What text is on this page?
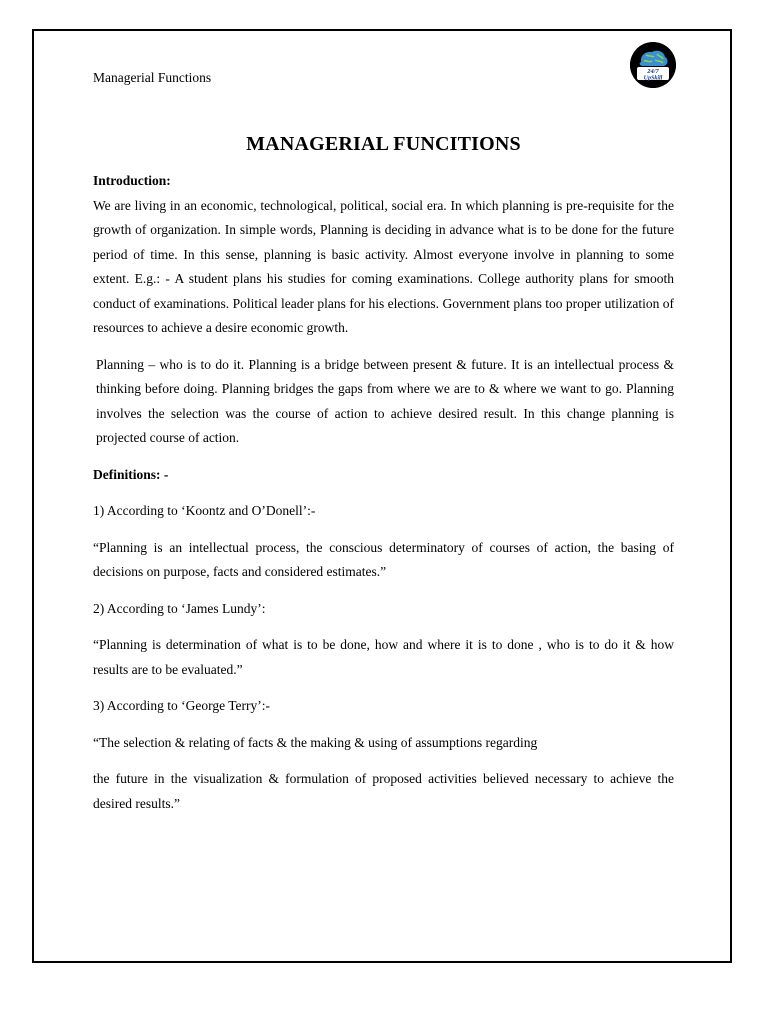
Managerial Functions	24/7
UpSkill
MANAGERIAL FUNCITIONS

Introduction:

We are living in an economic, technological, political, social era. In which planning is pre-requisite for the growth of organization. In simple words, Planning is deciding in advance what is to be done for the future period of time. In this sense, planning is basic activity. Almost everyone involve in planning to some extent. E.g.: - A student plans his studies for coming examinations. College authority plans for smooth conduct of examinations. Political leader plans for his elections. Government plans too proper utilization of resources to achieve a desire economic growth.

Planning – who is to do it. Planning is a bridge between present & future. It is an intellectual process & thinking before doing. Planning bridges the gaps from where we are to & where we want to go. Planning involves the selection was the course of action to achieve desired result. In this change planning is projected course of action.

Definitions: -

1) According to ‘Koontz and O’Donell’:-

“Planning is an intellectual process, the conscious determinatory of courses of action, the basing of decisions on purpose, facts and considered estimates.”

2) According to ‘James Lundy’:

“Planning is determination of what is to be done, how and where it is to done , who is to do it & how results are to be evaluated.”

3) According to ‘George Terry’:-

“The selection & relating of facts & the making & using of assumptions regarding

the future in the visualization & formulation of proposed activities believed necessary to achieve the desired results.”
